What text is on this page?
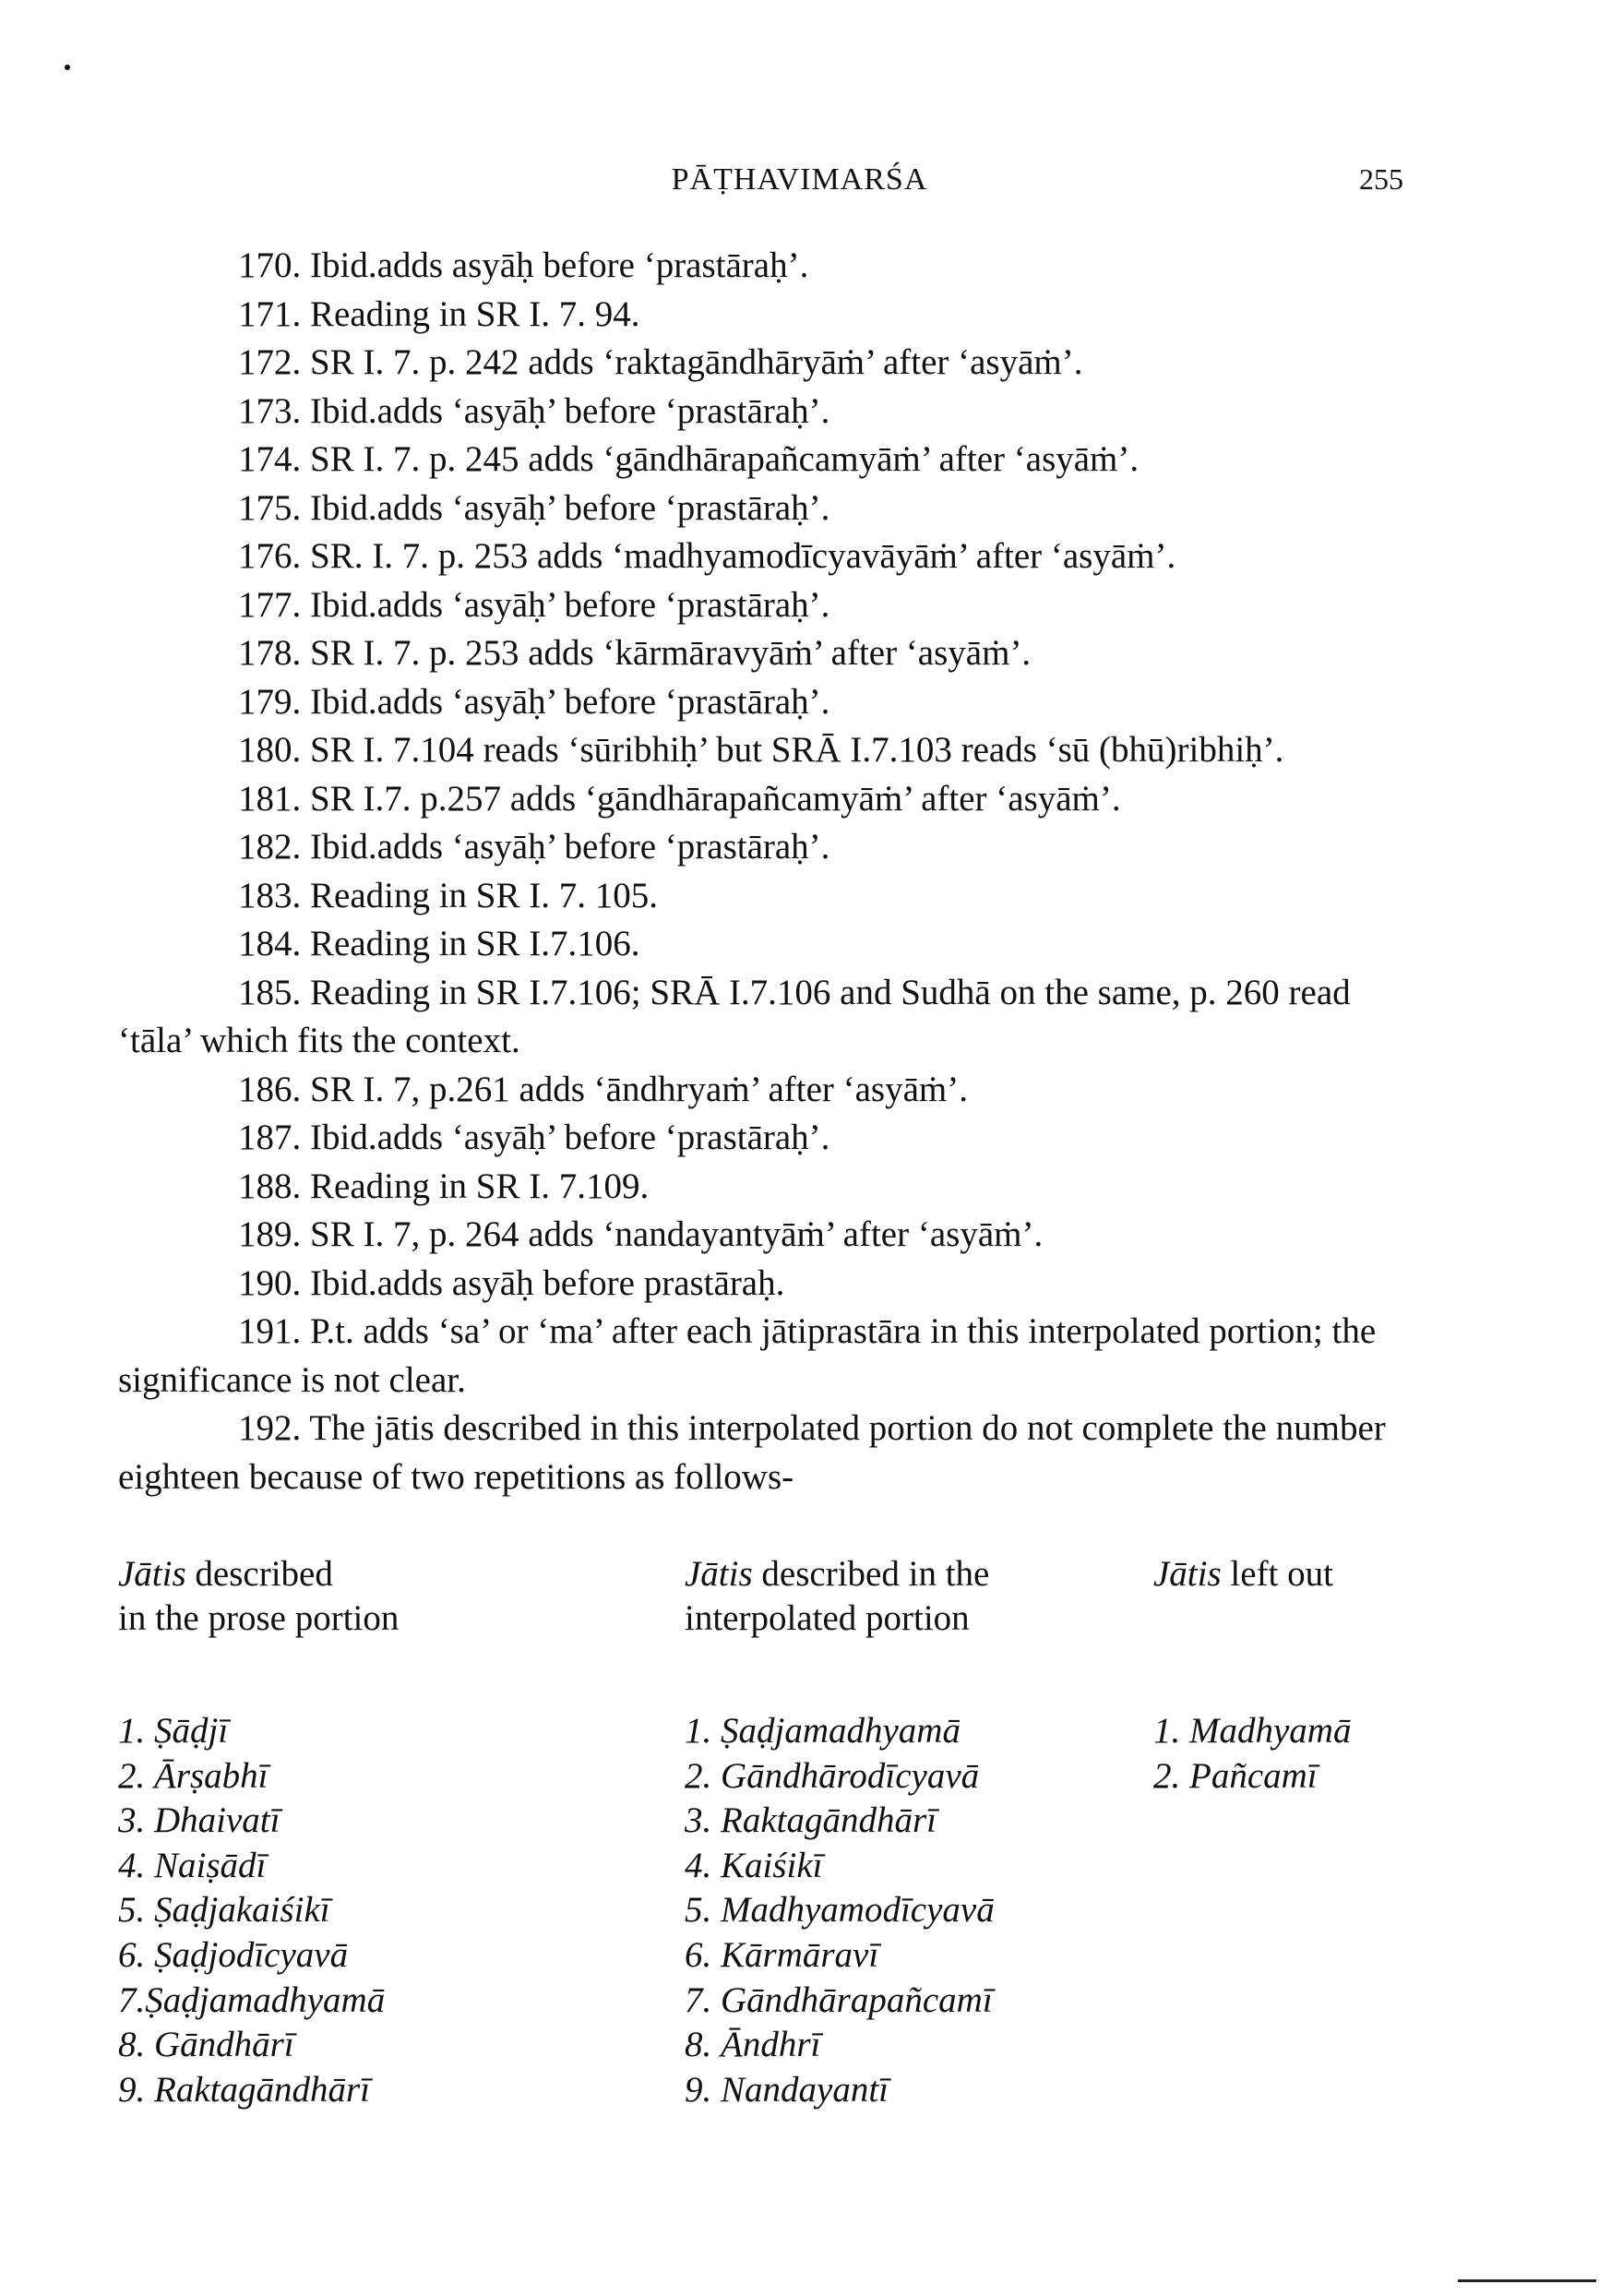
PĀṬHAVIMARŚA	255

170. Ibid.adds asyāḥ before ‘prastāraḥ’.

171. Reading in SR I. 7. 94.

172. SR I. 7. p. 242 adds ‘raktagāndhāryāṁ’ after ‘asyāṁ’.

173. Ibid.adds ‘asyāḥ’ before ‘prastāraḥ’.

174. SR I. 7. p. 245 adds ‘gāndhārapañcamyāṁ’ after ‘asyāṁ’.

175. Ibid.adds ‘asyāḥ’ before ‘prastāraḥ’.

176. SR. I. 7. p. 253 adds ‘madhyamodīcyavāyāṁ’ after ‘asyāṁ’.

177. Ibid.adds ‘asyāḥ’ before ‘prastāraḥ’.

178. SR I. 7. p. 253 adds ‘kārmāravyāṁ’ after ‘asyāṁ’.

179. Ibid.adds ‘asyāḥ’ before ‘prastāraḥ’.

180. SR I. 7.104 reads ‘sūribhiḥ’ but SRĀ I.7.103 reads ‘sū (bhū)ribhiḥ’.

181. SR I.7. p.257 adds ‘gāndhārapañcamyāṁ’ after ‘asyāṁ’.

182. Ibid.adds ‘asyāḥ’ before ‘prastāraḥ’.

183. Reading in SR I. 7. 105.

184. Reading in SR I.7.106.

185. Reading in SR I.7.106; SRĀ I.7.106 and Sudhā on the same, p. 260 read ‘tāla’ which fits the context.

186. SR I. 7, p.261 adds ‘āndhryaṁ’ after ‘asyāṁ’.

187. Ibid.adds ‘asyāḥ’ before ‘prastāraḥ’.

188. Reading in SR I. 7.109.

189. SR I. 7, p. 264 adds ‘nandayantyāṁ’ after ‘asyāṁ’.

190. Ibid.adds asyāḥ before prastāraḥ.

191. P.t. adds ‘sa’ or ‘ma’ after each jātiprastāra in this interpolated portion; the significance is not clear.

192. The jātis described in this interpolated portion do not complete the number eighteen because of two repetitions as follows-

Jātis described
in the prose portion

1. Ṣāḍjī
2. Ārṣabhī
3. Dhaivatī
4. Naiṣādī
5. Ṣaḍjakaiśikī
6. Ṣaḍjodīcyavā
7.Ṣaḍjamadhyamā
8. Gāndhārī
9. Raktagāndhārī

Jātis described in the
interpolated portion

1. Ṣaḍjamadhyamā
2. Gāndhārodīcyavā
3. Raktagāndhārī
4. Kaiśikī
5. Madhyamodīcyavā
6. Kārmāravī
7. Gāndhārapañcamī
8. Āndhrī
9. Nandayantī

Jātis left out

1. Madhyamā
2. Pañcamī
